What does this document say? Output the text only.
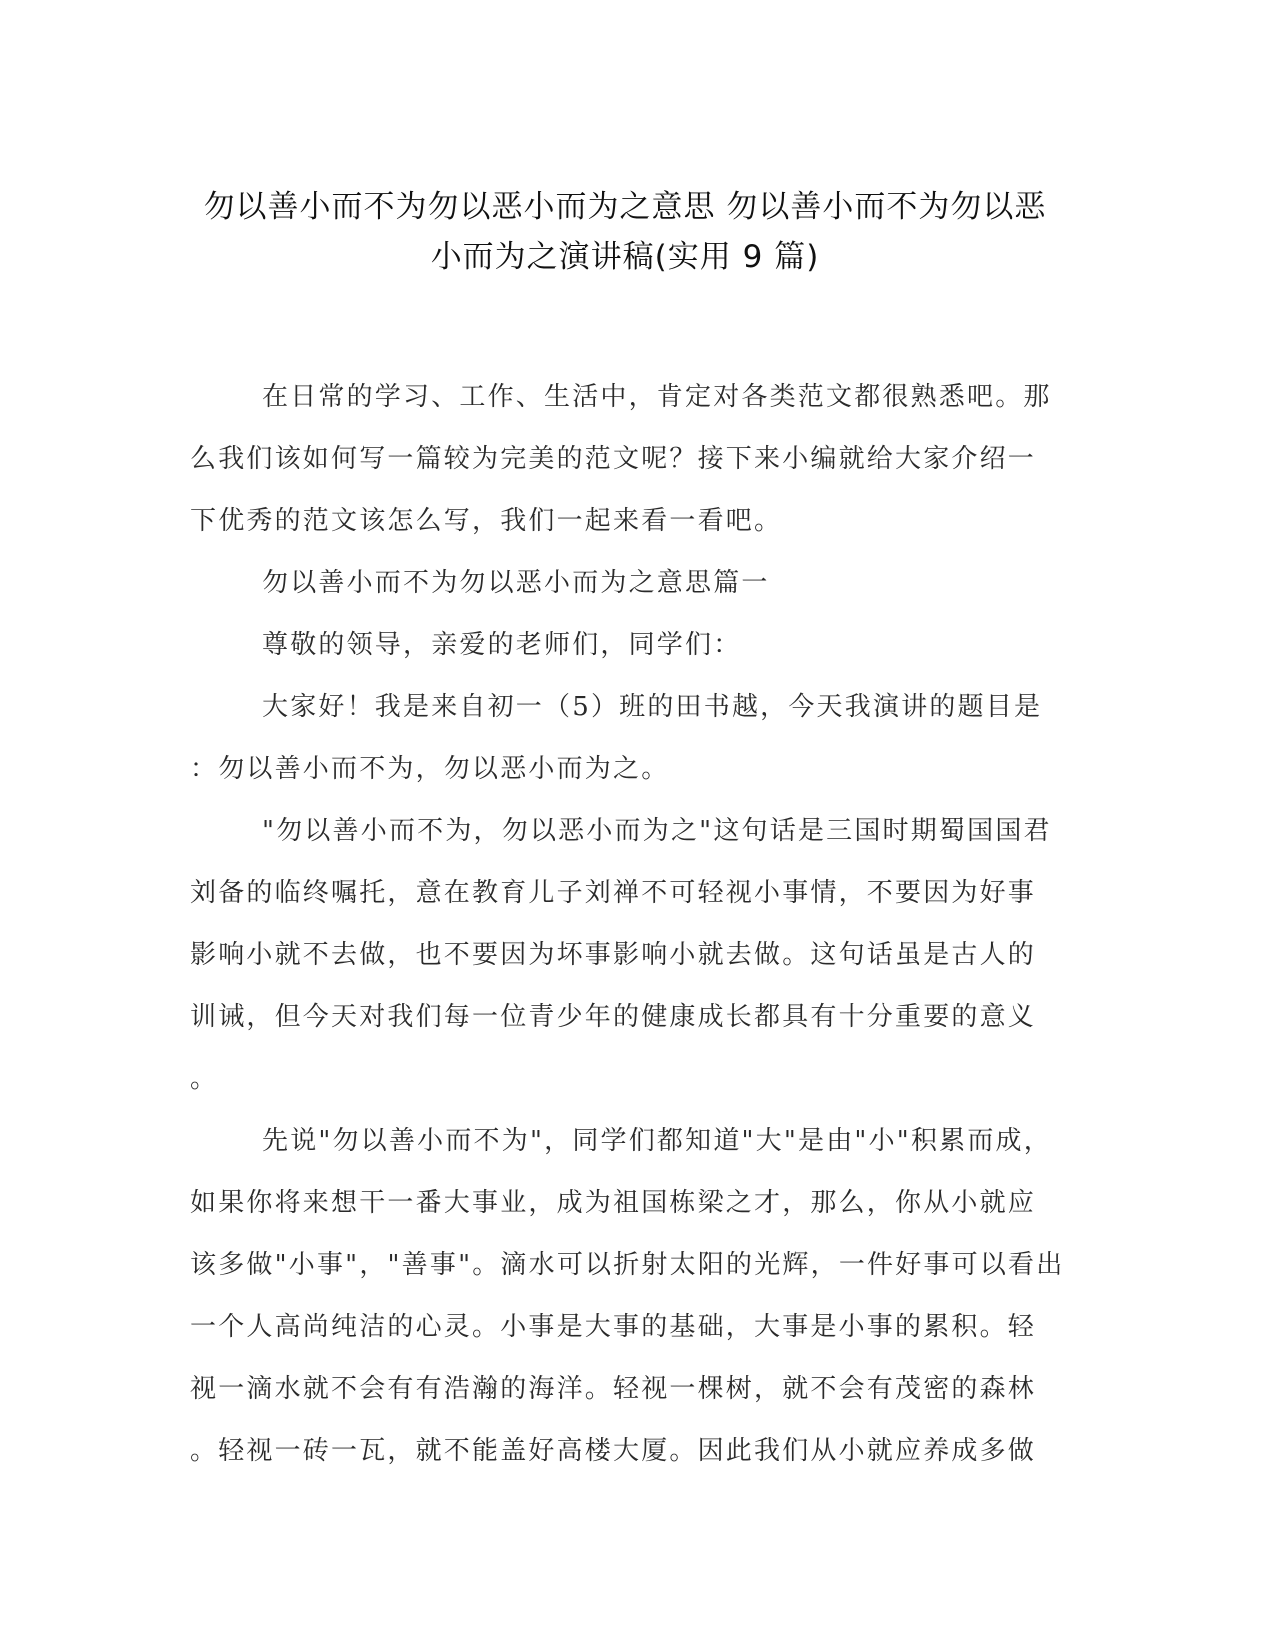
勿以善小而不为勿以恶小而为之意思 勿以善小而不为勿以恶
小而为之演讲稿(实用 9 篇)
在日常的学习、工作、生活中，肯定对各类范文都很熟悉吧。那
么我们该如何写一篇较为完美的范文呢？接下来小编就给大家介绍一
下优秀的范文该怎么写，我们一起来看一看吧。
勿以善小而不为勿以恶小而为之意思篇一
尊敬的领导，亲爱的老师们，同学们：
大家好！我是来自初一（5）班的田书越，今天我演讲的题目是
：勿以善小而不为，勿以恶小而为之。
"勿以善小而不为，勿以恶小而为之"这句话是三国时期蜀国国君
刘备的临终嘱托，意在教育儿子刘禅不可轻视小事情，不要因为好事
影响小就不去做，也不要因为坏事影响小就去做。这句话虽是古人的
训诫，但今天对我们每一位青少年的健康成长都具有十分重要的意义
。
先说"勿以善小而不为"，同学们都知道"大"是由"小"积累而成，
如果你将来想干一番大事业，成为祖国栋梁之才，那么，你从小就应
该多做"小事"，"善事"。滴水可以折射太阳的光辉，一件好事可以看出
一个人高尚纯洁的心灵。小事是大事的基础，大事是小事的累积。轻
视一滴水就不会有有浩瀚的海洋。轻视一棵树，就不会有茂密的森林
。轻视一砖一瓦，就不能盖好高楼大厦。因此我们从小就应养成多做
